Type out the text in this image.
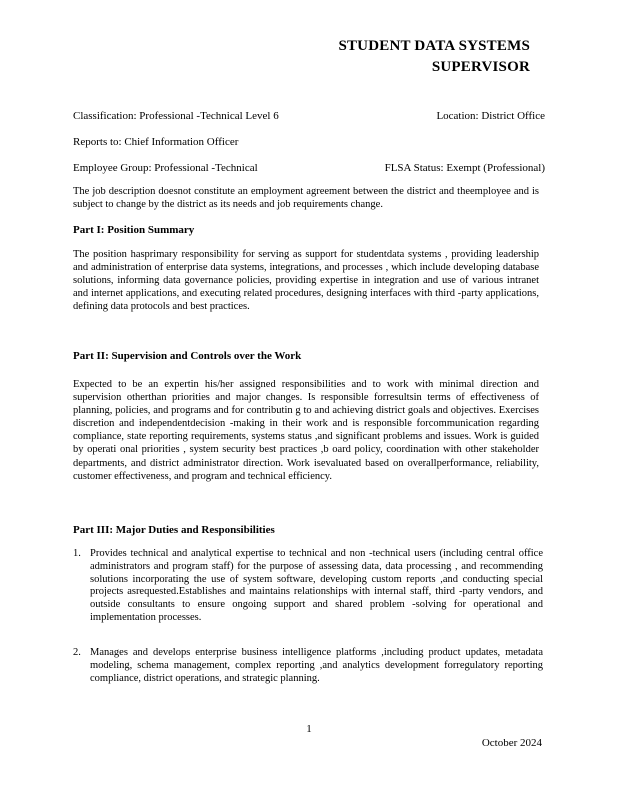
STUDENT DATA SYSTEMS
SUPERVISOR
Classification: Professional -Technical Level 6	Location: District Office
Reports to: Chief Information Officer
Employee Group: Professional -Technical	FLSA Status: Exempt (Professional)
The job description doesnot constitute an employment agreement between the district and theemployee and is subject to change by the district as its needs and job requirements change.
Part I: Position Summary
The position hasprimary responsibility for serving as support for studentdata systems , providing leadership and administration of enterprise data systems, integrations, and processes , which include developing database solutions, informing data governance policies, providing expertise in integration and use of various intranet and internet applications, and executing related procedures, designing interfaces with third -party applications, defining data protocols and best practices.
Part II: Supervision and Controls over the Work
Expected to be an expertin his/her assigned responsibilities and to work with minimal direction and supervision otherthan priorities and major changes. Is responsible forresultsin terms of effectiveness of planning, policies, and programs and for contributin g to and achieving district goals and objectives. Exercises discretion and independentdecision -making in their work and is responsible forcommunication regarding compliance, state reporting requirements, systems status ,and significant problems and issues. Work is guided by operati onal priorities , system security best practices ,b oard policy, coordination with other stakeholder departments, and district administrator direction. Work isevaluated based on overallperformance, reliability, customer effectiveness, and program and technical efficiency.
Part III: Major Duties and Responsibilities
1. Provides technical and analytical expertise to technical and non -technical users (including central office administrators and program staff) for the purpose of assessing data, data processing , and recommending solutions incorporating the use of system software, developing custom reports ,and conducting special projects asrequested.Establishes and maintains relationships with internal staff, third -party vendors, and outside consultants to ensure ongoing support and shared problem -solving for operational and implementation processes.
2. Manages and develops enterprise business intelligence platforms ,including product updates, metadata modeling, schema management, complex reporting ,and analytics development forregulatory reporting compliance, district operations, and strategic planning.
1
October 2024
